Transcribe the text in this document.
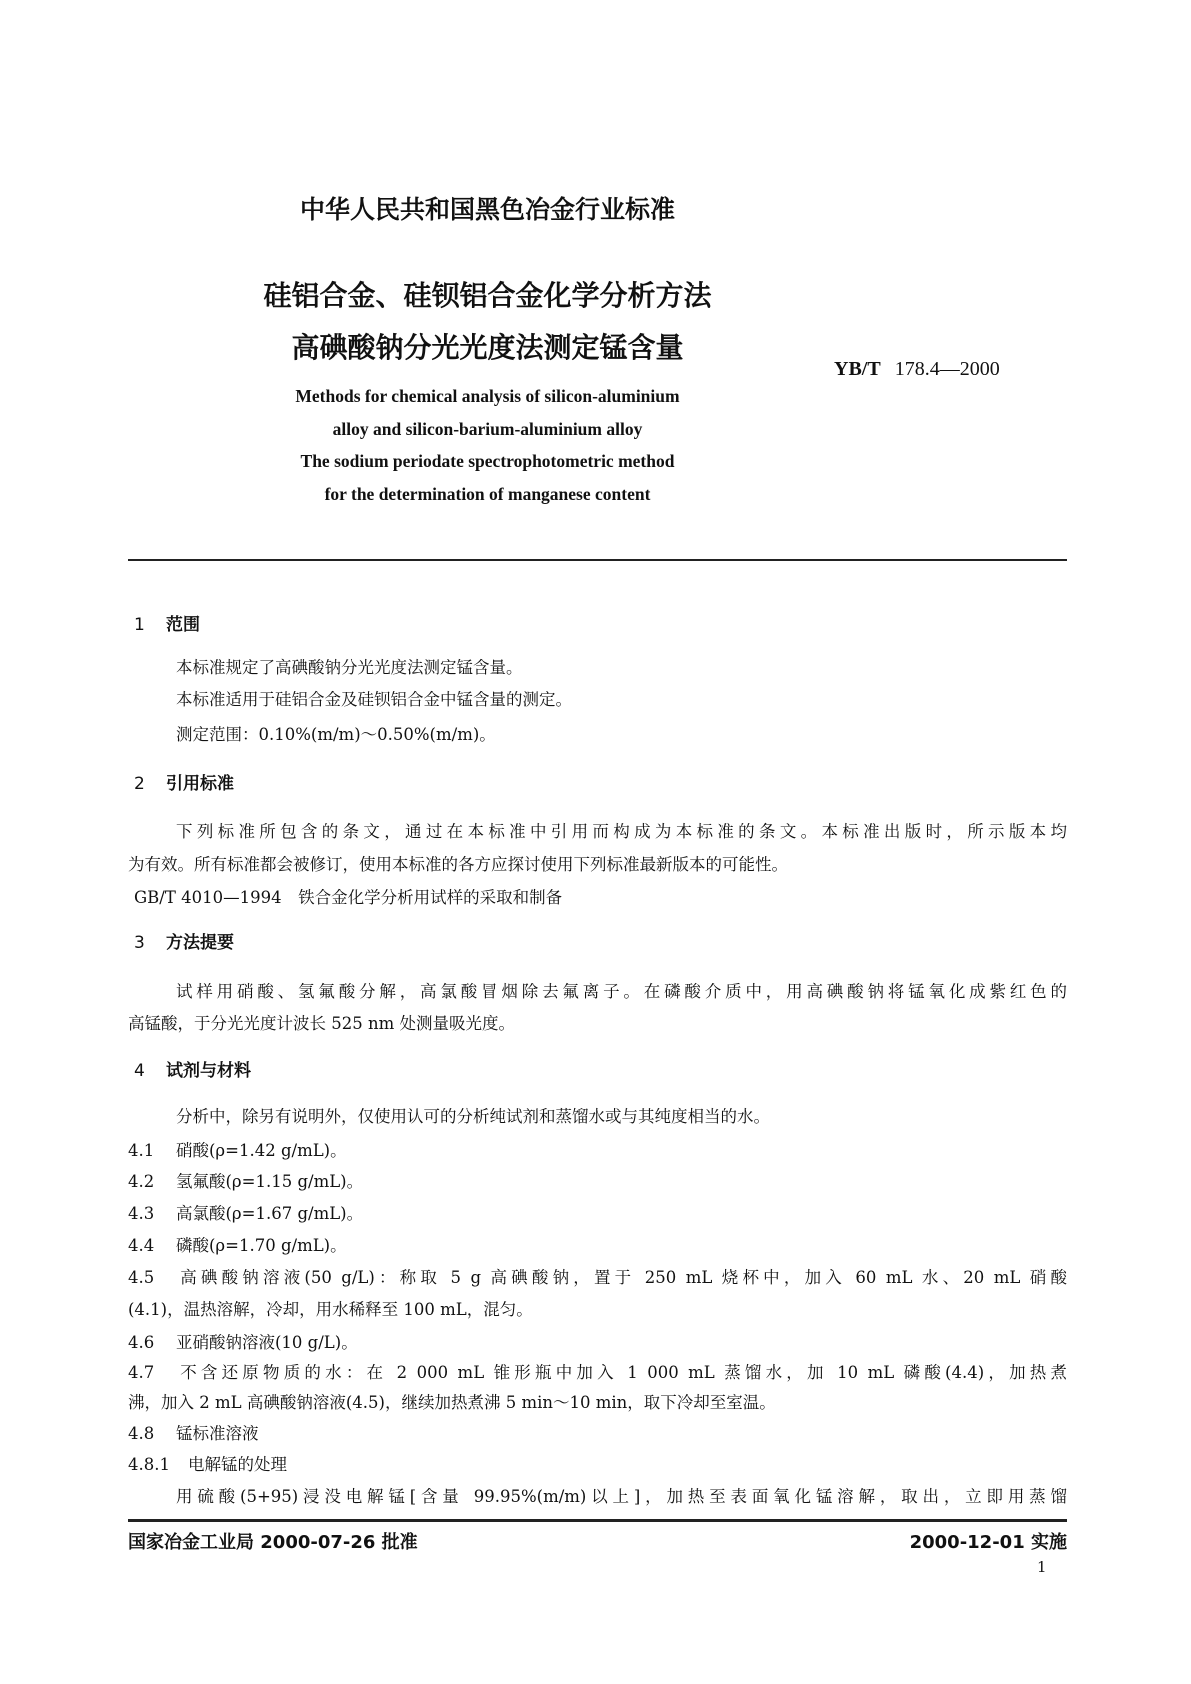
中华人民共和国黑色冶金行业标准
硅铝合金、硅钡铝合金化学分析方法
高碘酸钠分光光度法测定锰含量
YB/T 178.4—2000
Methods for chemical analysis of silicon-aluminium
alloy and silicon-barium-aluminium alloy
The sodium periodate spectrophotometric method
for the determination of manganese content
1 范围
本标准规定了高碘酸钠分光光度法测定锰含量。
本标准适用于硅铝合金及硅钡铝合金中锰含量的测定。
测定范围：0.10%(m/m)～0.50%(m/m)。
2 引用标准
下列标准所包含的条文，通过在本标准中引用而构成为本标准的条文。本标准出版时，所示版本均
为有效。所有标准都会被修订，使用本标准的各方应探讨使用下列标准最新版本的可能性。
GB/T 4010—1994　铁合金化学分析用试样的采取和制备
3 方法提要
试样用硝酸、氢氟酸分解，高氯酸冒烟除去氟离子。在磷酸介质中，用高碘酸钠将锰氧化成紫红色的
高锰酸，于分光光度计波长 525 nm 处测量吸光度。
4 试剂与材料
分析中，除另有说明外，仅使用认可的分析纯试剂和蒸馏水或与其纯度相当的水。
4.1 硝酸(ρ=1.42 g/mL)。
4.2 氢氟酸(ρ=1.15 g/mL)。
4.3 高氯酸(ρ=1.67 g/mL)。
4.4 磷酸(ρ=1.70 g/mL)。
4.5 高碘酸钠溶液(50 g/L)：称取 5 g 高碘酸钠，置于 250 mL 烧杯中，加入 60 mL 水、20 mL 硝酸
(4.1)，温热溶解，冷却，用水稀释至 100 mL，混匀。
4.6 亚硝酸钠溶液(10 g/L)。
4.7 不含还原物质的水：在 2 000 mL 锥形瓶中加入 1 000 mL 蒸馏水，加 10 mL 磷酸(4.4)，加热煮
沸，加入 2 mL 高碘酸钠溶液(4.5)，继续加热煮沸 5 min～10 min，取下冷却至室温。
4.8 锰标准溶液
4.8.1 电解锰的处理
用硫酸(5+95)浸没电解锰[含量 99.95%(m/m)以上]，加热至表面氧化锰溶解，取出，立即用蒸馏
国家冶金工业局 2000-07-26 批准	2000-12-01 实施
1
